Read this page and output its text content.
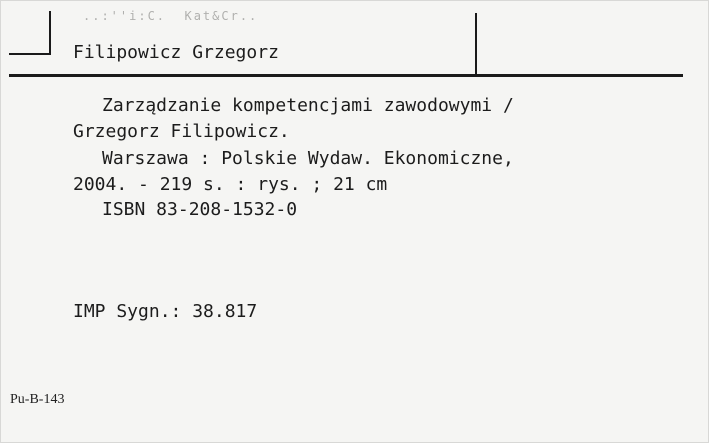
..:''i:C.  Kat&Cr..
Filipowicz Grzegorz
Zarządzanie kompetencjami zawodowymi /
Grzegorz Filipowicz.
Warszawa : Polskie Wydaw. Ekonomiczne,
2004. - 219 s. : rys. ; 21 cm
ISBN 83-208-1532-0
IMP Sygn.: 38.817
Pu-B-143
